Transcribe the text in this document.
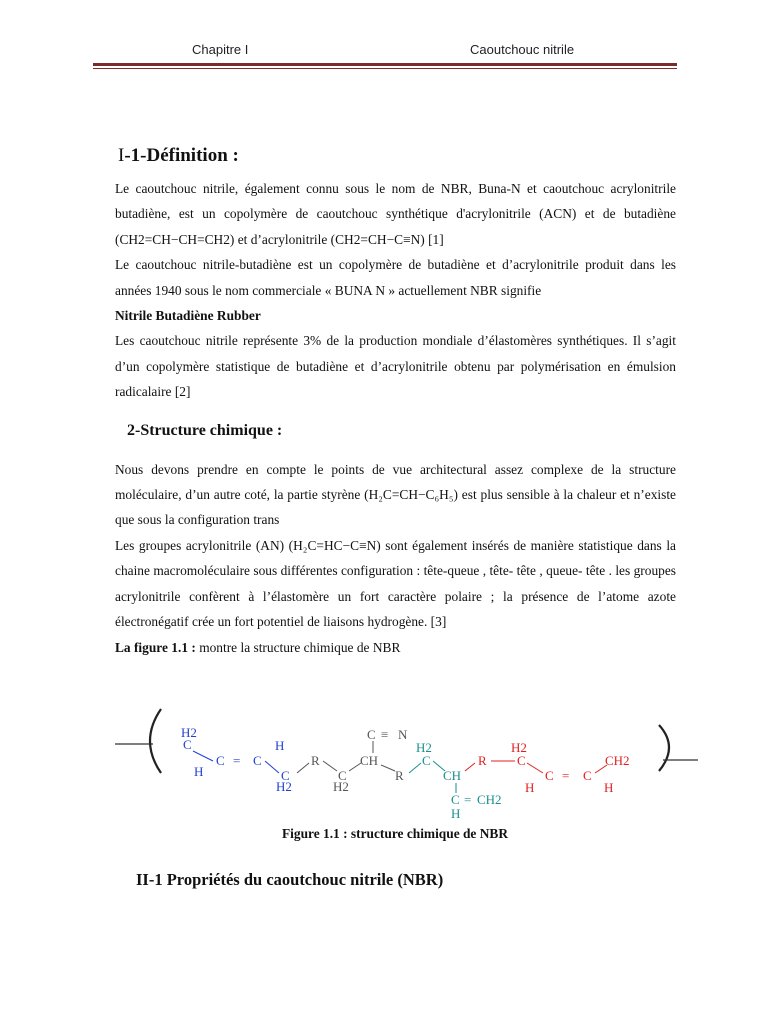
Chapitre I	Caoutchouc nitrile
I-1-Définition :

Le caoutchouc nitrile, également connu sous le nom de NBR, Buna-N et caoutchouc acrylonitrile butadiène, est un copolymère de caoutchouc synthétique d'acrylonitrile (ACN) et de butadiène (CH2=CH−CH=CH2) et d’acrylonitrile (CH2=CH−C≡N) [1]

Le caoutchouc nitrile-butadiène est un copolymère de butadiène et d’acrylonitrile produit dans les années 1940 sous le nom commerciale « BUNA N » actuellement NBR signifie
Nitrile Butadiène Rubber

Les caoutchouc nitrile représente 3% de la production mondiale d’élastomères synthétiques. Il s’agit d’un copolymère statistique de butadiène et d’acrylonitrile obtenu par polymérisation en émulsion radicalaire [2]

2-Structure chimique :

Nous devons prendre en compte le points de vue architectural assez complexe de la structure moléculaire, d’un autre coté, la partie styrène (H₂C=CH−C₆H₅) est plus sensible à la chaleur et n’existe que sous la configuration trans

Les groupes acrylonitrile (AN) (H₂C=HC−C≡N) sont également insérés de manière statistique dans la chaine macromoléculaire sous différentes configuration : tête-queue , tête- tête , queue- tête . les groupes acrylonitrile confèrent à l’élastomère un fort caractère polaire ; la présence de l’atome azote électronégatif crée un fort potentiel de liaisons hydrogène. [3]

La figure 1.1 : montre la structure chimique de NBR

H2
C
H
C = C
H
C
H2
R
C
H2
CH
C ≡ N
R
H2
C
CH
C = CH2
H
R
H2
C
C = C
CH2
H	H
Figure 1.1 : structure chimique de NBR
II-1 Propriétés du caoutchouc nitrile (NBR)
